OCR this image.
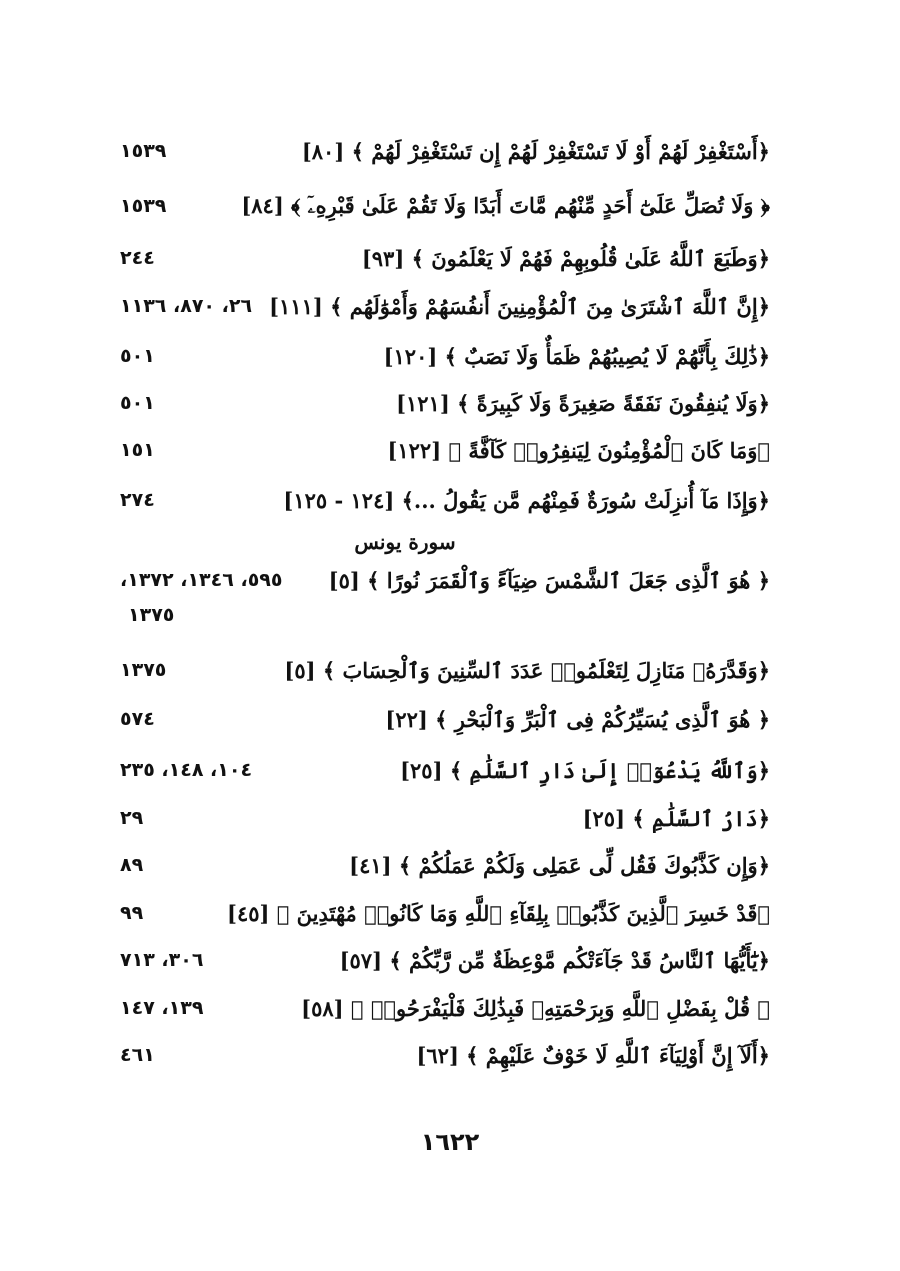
١٥٣٩	﴿أَسْتَغْفِرْ لَهُمْ أَوْ لَا تَسْتَغْفِرْ لَهُمْ إِن تَسْتَغْفِرْ لَهُمْ ﴾ [٨٠]
١٥٣٩	﴿ وَلَا تُصَلِّ عَلَىٰٓ أَحَدٍ مِّنْهُم مَّاتَ أَبَدًا وَلَا تَقُمْ عَلَىٰ قَبْرِهِۦٓ ﴾ [٨٤]
٢٤٤	﴿وَطَبَعَ ٱللَّهُ عَلَىٰ قُلُوبِهِمْ فَهُمْ لَا يَعْلَمُونَ ﴾ [٩٣]
٢٦، ٨٧٠، ١١٣٦ ﴿إِنَّ ٱللَّهَ ٱشْتَرَىٰ مِنَ ٱلْمُؤْمِنِينَ أَنفُسَهُمْ وَأَمْوَٰلَهُم ﴾ [١١١]
٥٠١	﴿ذَٰلِكَ بِأَنَّهُمْ لَا يُصِيبُهُمْ ظَمَأٌ وَلَا نَصَبٌ ﴾ [١٢٠]
٥٠١	﴿وَلَا يُنفِقُونَ نَفَقَةً صَغِيرَةً وَلَا كَبِيرَةً ﴾ [١٢١]
١٥١	﴿وَمَا كَانَ ٱلْمُؤْمِنُونَ لِيَنفِرُوا۟ كَآفَّةً ﴾ [١٢٢]
٢٧٤	﴿وَإِذَا مَآ أُنزِلَتْ سُورَةٌ فَمِنْهُم مَّن يَقُولُ ...﴾ [١٢٤ - ١٢٥]
سورة يونس
٥٩٥، ١٣٤٦، ١٣٧٢، ﴿ هُوَ ٱلَّذِى جَعَلَ ٱلشَّمْسَ ضِيَآءً وَٱلْقَمَرَ نُورًا ﴾ [٥]
١٣٧٥
١٣٧٥	﴿وَقَدَّرَهُۥ مَنَازِلَ لِتَعْلَمُوا۟ عَدَدَ ٱلسِّنِينَ وَٱلْحِسَابَ ﴾ [٥]
٥٧٤	﴿ هُوَ ٱلَّذِى يُسَيِّرُكُمْ فِى ٱلْبَرِّ وَٱلْبَحْرِ ﴾ [٢٢]
١٠٤، ١٤٨، ٢٣٥	﴿وَٱللَّهُ يَدْعُوٓا۟ إِلَىٰ دَارِ ٱلسَّلَٰمِ ﴾ [٢٥]
٢٩	﴿دَارُ ٱلسَّلَٰمِ ﴾ [٢٥]
٨٩	﴿وَإِن كَذَّبُوكَ فَقُل لِّى عَمَلِى وَلَكُمْ عَمَلُكُمْ ﴾ [٤١]
٩٩	﴿قَدْ خَسِرَ ٱلَّذِينَ كَذَّبُوا۟ بِلِقَآءِ ٱللَّهِ وَمَا كَانُوا۟ مُهْتَدِينَ ﴾ [٤٥]
٣٠٦، ٧١٣	﴿يَٰٓأَيُّهَا ٱلنَّاسُ قَدْ جَآءَتْكُم مَّوْعِظَةٌ مِّن رَّبِّكُمْ ﴾ [٥٧]
١٣٩، ١٤٧	﴿ قُلْ بِفَضْلِ ٱللَّهِ وَبِرَحْمَتِهِۦ فَبِذَٰلِكَ فَلْيَفْرَحُوا۟ ﴾ [٥٨]
٤٦١	﴿أَلَآ إِنَّ أَوْلِيَآءَ ٱللَّهِ لَا خَوْفٌ عَلَيْهِمْ ﴾ [٦٢]
١٦٢٢
